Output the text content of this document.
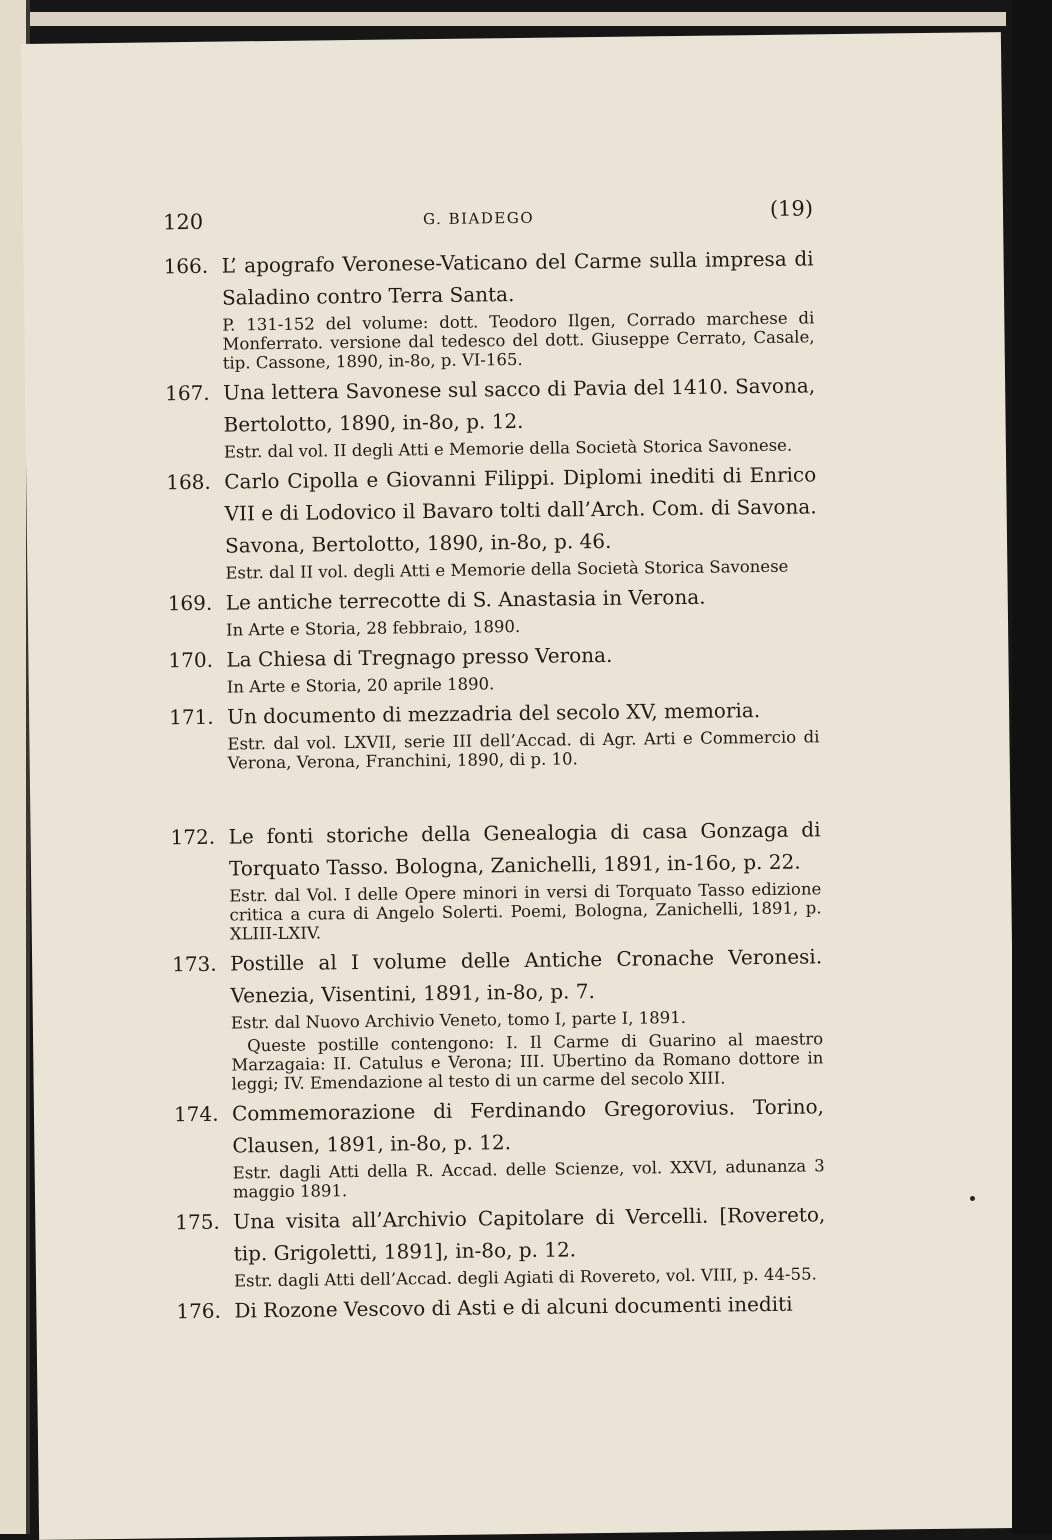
120	G. BIADEGO	(19)
166. L’ apografo Veronese-Vaticano del Carme sulla impresa di Saladino contro Terra Santa.
P. 131-152 del volume: dott. Teodoro Ilgen, Corrado marchese di Monferrato. versione dal tedesco del dott. Giuseppe Cerrato, Casale, tip. Cassone, 1890, in-8o, p. VI-165.
167. Una lettera Savonese sul sacco di Pavia del 1410. Savona, Bertolotto, 1890, in-8o, p. 12.
Estr. dal vol. II degli Atti e Memorie della Società Storica Savonese.
168. Carlo Cipolla e Giovanni Filippi. Diplomi inediti di Enrico VII e di Lodovico il Bavaro tolti dall’Arch. Com. di Savona. Savona, Bertolotto, 1890, in-8o, p. 46.
Estr. dal II vol. degli Atti e Memorie della Società Storica Savonese
169. Le antiche terrecotte di S. Anastasia in Verona.
In Arte e Storia, 28 febbraio, 1890.
170. La Chiesa di Tregnago presso Verona.
In Arte e Storia, 20 aprile 1890.
171. Un documento di mezzadria del secolo XV, memoria.
Estr. dal vol. LXVII, serie III dell’Accad. di Agr. Arti e Commercio di Verona, Verona, Franchini, 1890, di p. 10.
172. Le fonti storiche della Genealogia di casa Gonzaga di Torquato Tasso. Bologna, Zanichelli, 1891, in-16o, p. 22.
Estr. dal Vol. I delle Opere minori in versi di Torquato Tasso edizione critica a cura di Angelo Solerti. Poemi, Bologna, Zanichelli, 1891, p. XLIII-LXIV.
173. Postille al I volume delle Antiche Cronache Veronesi. Venezia, Visentini, 1891, in-8o, p. 7.
Estr. dal Nuovo Archivio Veneto, tomo I, parte I, 1891.
Queste postille contengono: I. Il Carme di Guarino al maestro Marzagaia: II. Catulus e Verona; III. Ubertino da Romano dottore in leggi; IV. Emendazione al testo di un carme del secolo XIII.
174. Commemorazione di Ferdinando Gregorovius. Torino, Clausen, 1891, in-8o, p. 12.
Estr. dagli Atti della R. Accad. delle Scienze, vol. XXVI, adunanza 3 maggio 1891.
175. Una visita all’Archivio Capitolare di Vercelli. [Rovereto, tip. Grigoletti, 1891], in-8o, p. 12.
Estr. dagli Atti dell’Accad. degli Agiati di Rovereto, vol. VIII, p. 44-55.
176. Di Rozone Vescovo di Asti e di alcuni documenti inediti
